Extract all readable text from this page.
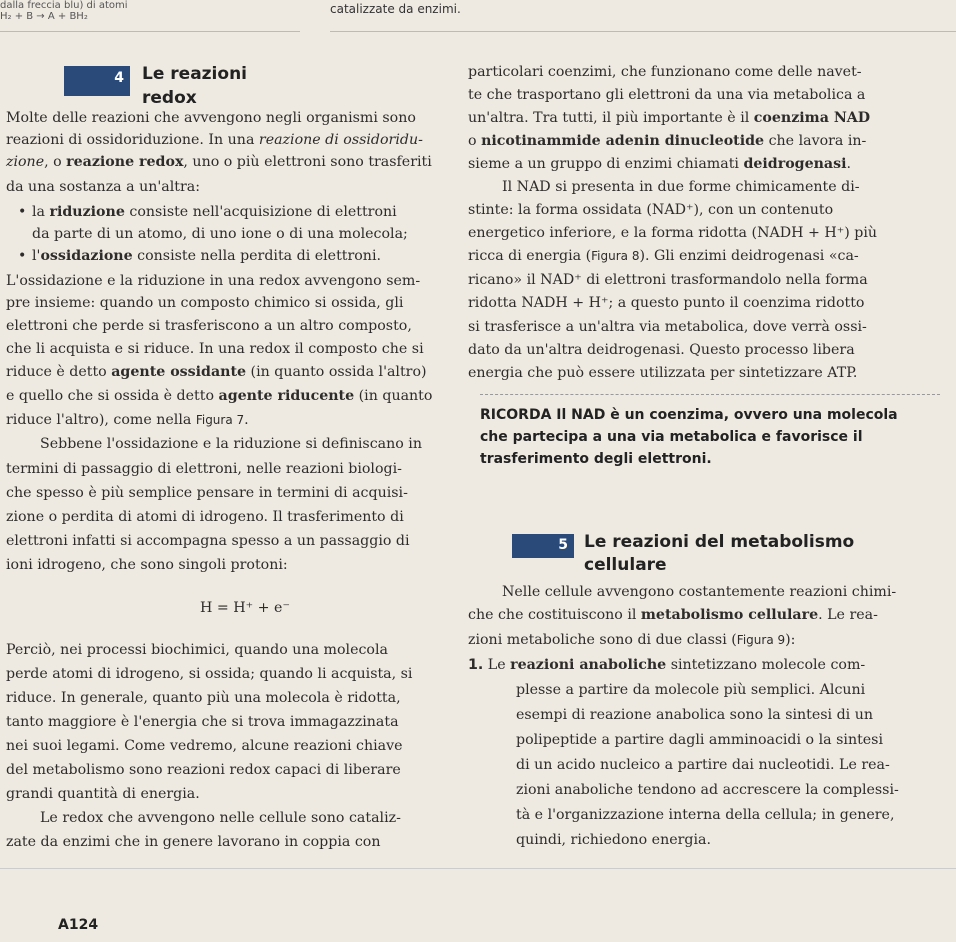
dalla freccia blu) di atomi
H₂ + B → A + BH₂
catalizzate da enzimi.
4	Le reazioni
redox

Molte delle reazioni che avvengono negli organismi sono

reazioni di ossidoriduzione. In una reazione di ossidoridu-

zione, o reazione redox, uno o più elettroni sono trasferiti

da una sostanza a un'altra:

• la riduzione consiste nell'acquisizione di elettroni

da parte di un atomo, di uno ione o di una molecola;

• l'ossidazione consiste nella perdita di elettroni.

L'ossidazione e la riduzione in una redox avvengono sem-

pre insieme: quando un composto chimico si ossida, gli

elettroni che perde si trasferiscono a un altro composto,

che li acquista e si riduce. In una redox il composto che si

riduce è detto agente ossidante (in quanto ossida l'altro)

e quello che si ossida è detto agente riducente (in quanto

riduce l'altro), come nella Figura 7.

Sebbene l'ossidazione e la riduzione si definiscano in

termini di passaggio di elettroni, nelle reazioni biologi-

che spesso è più semplice pensare in termini di acquisi-

zione o perdita di atomi di idrogeno. Il trasferimento di

elettroni infatti si accompagna spesso a un passaggio di

ioni idrogeno, che sono singoli protoni:

H = H⁺ + e⁻

Perciò, nei processi biochimici, quando una molecola

perde atomi di idrogeno, si ossida; quando li acquista, si

riduce. In generale, quanto più una molecola è ridotta,

tanto maggiore è l'energia che si trova immagazzinata

nei suoi legami. Come vedremo, alcune reazioni chiave

del metabolismo sono reazioni redox capaci di liberare

grandi quantità di energia.

Le redox che avvengono nelle cellule sono cataliz-

zate da enzimi che in genere lavorano in coppia con

particolari coenzimi, che funzionano come delle navet-

te che trasportano gli elettroni da una via metabolica a

un'altra. Tra tutti, il più importante è il coenzima NAD

o nicotinammide adenin dinucleotide che lavora in-

sieme a un gruppo di enzimi chiamati deidrogenasi.

Il NAD si presenta in due forme chimicamente di-

stinte: la forma ossidata (NAD⁺), con un contenuto

energetico inferiore, e la forma ridotta (NADH + H⁺) più

ricca di energia (Figura 8). Gli enzimi deidrogenasi «ca-

ricano» il NAD⁺ di elettroni trasformandolo nella forma

ridotta NADH + H⁺; a questo punto il coenzima ridotto

si trasferisce a un'altra via metabolica, dove verrà ossi-

dato da un'altra deidrogenasi. Questo processo libera

energia che può essere utilizzata per sintetizzare ATP.

RICORDA Il NAD è un coenzima, ovvero una molecola
che partecipa a una via metabolica e favorisce il
trasferimento degli elettroni.
5 Le reazioni del metabolismo
cellulare

Nelle cellule avvengono costantemente reazioni chimi-

che che costituiscono il metabolismo cellulare. Le rea-

zioni metaboliche sono di due classi (Figura 9):

1. Le reazioni anaboliche sintetizzano molecole com-

plesse a partire da molecole più semplici. Alcuni

esempi di reazione anabolica sono la sintesi di un

polipeptide a partire dagli amminoacidi o la sintesi

di un acido nucleico a partire dai nucleotidi. Le rea-

zioni anaboliche tendono ad accrescere la complessi-

tà e l'organizzazione interna della cellula; in genere,

quindi, richiedono energia.

A124
